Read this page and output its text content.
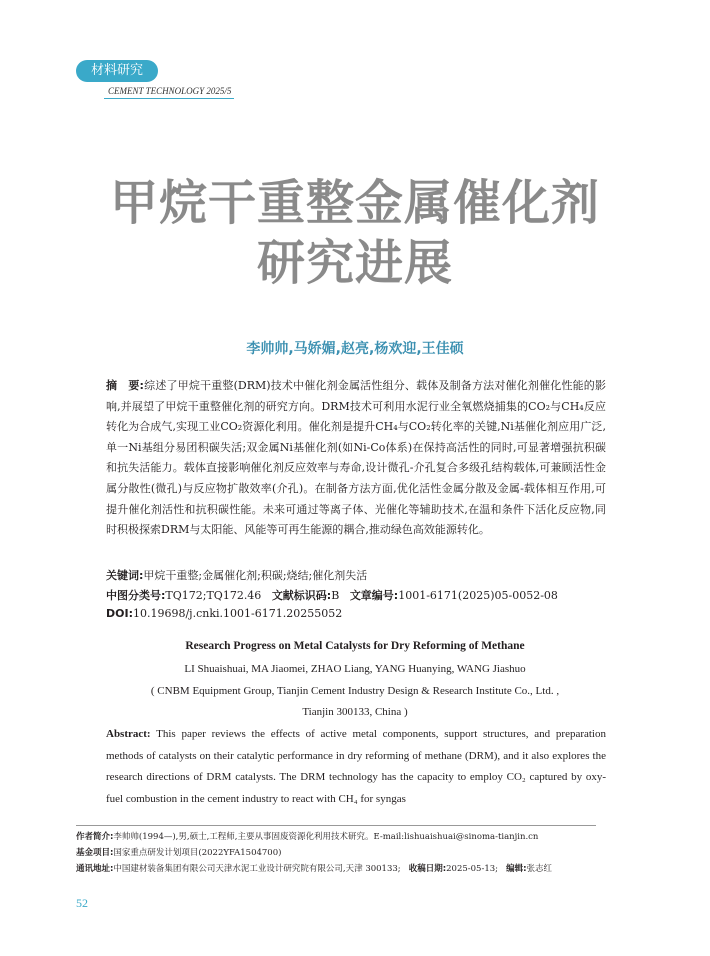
材料研究
CEMENT TECHNOLOGY 2025/5
甲烷干重整金属催化剂
研究进展
李帅帅,马娇媚,赵亮,杨欢迎,王佳硕
摘　要:综述了甲烷干重整(DRM)技术中催化剂金属活性组分、载体及制备方法对催化剂催化性能的影响,并展望了甲烷干重整催化剂的研究方向。DRM技术可利用水泥行业全氧燃烧捕集的CO₂与CH₄反应转化为合成气,实现工业CO₂资源化利用。催化剂是提升CH₄与CO₂转化率的关键,Ni基催化剂应用广泛,单一Ni基组分易团积碳失活;双金属Ni基催化剂(如Ni-Co体系)在保持高活性的同时,可显著增强抗积碳和抗失活能力。载体直接影响催化剂反应效率与寿命,设计微孔-介孔复合多级孔结构载体,可兼顾活性金属分散性(微孔)与反应物扩散效率(介孔)。在制备方法方面,优化活性金属分散及金属-载体相互作用,可提升催化剂活性和抗积碳性能。未来可通过等离子体、光催化等辅助技术,在温和条件下活化反应物,同时积极探索DRM与太阳能、风能等可再生能源的耦合,推动绿色高效能源转化。
关键词:甲烷干重整;金属催化剂;积碳;烧结;催化剂失活
中图分类号:TQ172;TQ172.46 文献标识码:B 文章编号:1001-6171(2025)05-0052-08
DOI:10.19698/j.cnki.1001-6171.20255052
Research Progress on Metal Catalysts for Dry Reforming of Methane
LI Shuaishuai, MA Jiaomei, ZHAO Liang, YANG Huanying, WANG Jiashuo
( CNBM Equipment Group, Tianjin Cement Industry Design & Research Institute Co., Ltd. ,
Tianjin 300133, China )
Abstract: This paper reviews the effects of active metal components, support structures, and preparation methods of catalysts on their catalytic performance in dry reforming of methane (DRM), and it also explores the research directions of DRM catalysts. The DRM technology has the capacity to employ CO₂ captured by oxy-fuel combustion in the cement industry to react with CH₄ for syngas
作者简介:李帅帅(1994—),男,硕士,工程师,主要从事固废资源化利用技术研究。E-mail:lishuaishuai@sinoma-tianjin.cn
基金项目:国家重点研发计划项目(2022YFA1504700)
通讯地址:中国建材装备集团有限公司天津水泥工业设计研究院有限公司,天津 300133; 收稿日期:2025-05-13; 编辑:张志红
52
